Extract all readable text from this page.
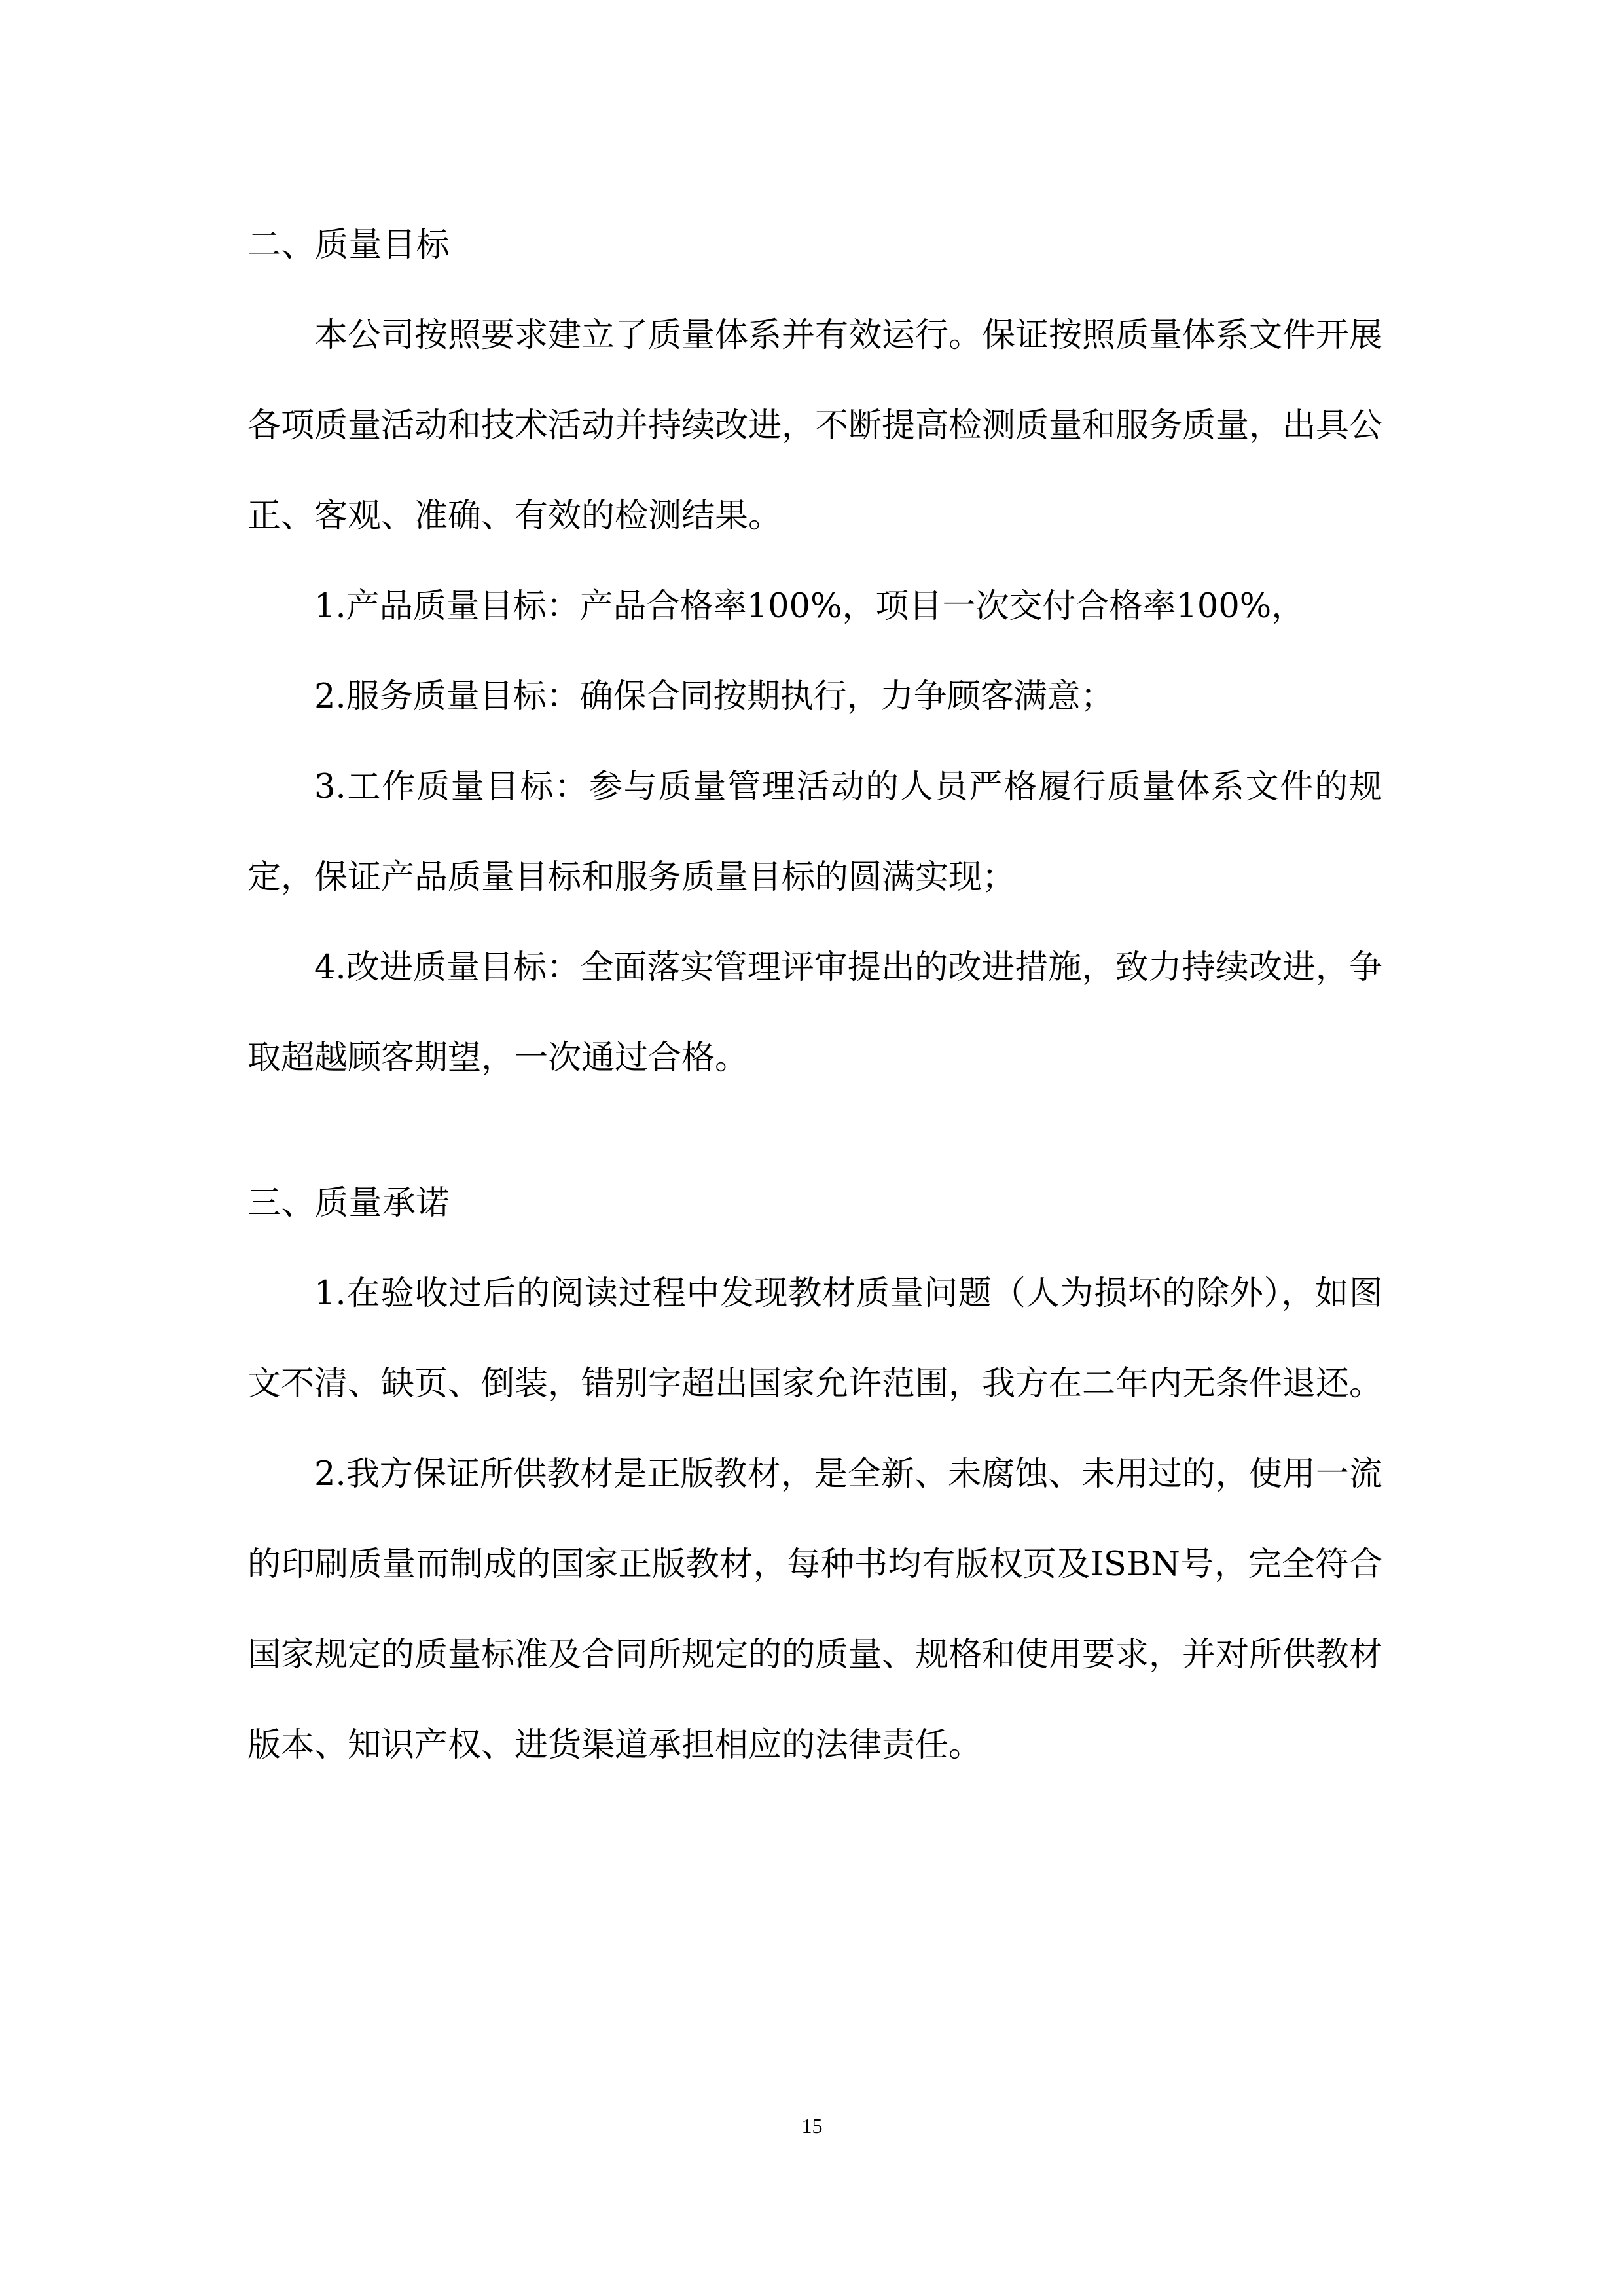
二、质量目标

本公司按照要求建立了质量体系并有效运行。保证按照质量体系文件开展各项质量活动和技术活动并持续改进，不断提高检测质量和服务质量，出具公正、客观、准确、有效的检测结果。

1.产品质量目标：产品合格率100%，项目一次交付合格率100%，

2.服务质量目标：确保合同按期执行，力争顾客满意；

3.工作质量目标：参与质量管理活动的人员严格履行质量体系文件的规定，保证产品质量目标和服务质量目标的圆满实现；

4.改进质量目标：全面落实管理评审提出的改进措施，致力持续改进，争取超越顾客期望，一次通过合格。

三、质量承诺

1.在验收过后的阅读过程中发现教材质量问题（人为损坏的除外），如图文不清、缺页、倒装，错别字超出国家允许范围，我方在二年内无条件退还。

2.我方保证所供教材是正版教材，是全新、未腐蚀、未用过的，使用一流的印刷质量而制成的国家正版教材，每种书均有版权页及ISBN号，完全符合国家规定的质量标准及合同所规定的的质量、规格和使用要求，并对所供教材版本、知识产权、进货渠道承担相应的法律责任。

15
